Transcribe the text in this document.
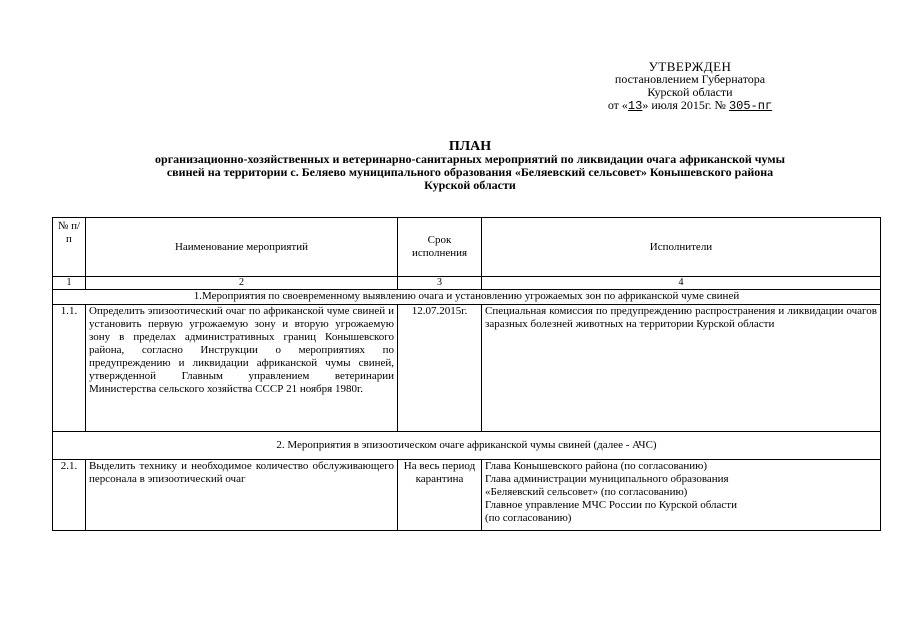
УТВЕРЖДЕН
постановлением Губернатора
Курской области
от «13» июля 2015г. № 305-пг
ПЛАН
организационно-хозяйственных и ветеринарно-санитарных мероприятий по ликвидации очага африканской чумы
свиней на территории с. Беляево муниципального образования «Беляевский сельсовет» Конышевского района
Курской области
№ п/п	Наименование мероприятий	Срок исполнения	Исполнители
1	2	3	4
1.Мероприятия по своевременному выявлению очага и установлению угрожаемых зон по африканской чуме свиней			
1.1.	Определить эпизоотический очаг по африканской чуме свиней и установить первую угрожаемую зону и вторую угрожаемую зону в пределах административных границ Конышевского района, согласно Инструкции о мероприятиях по предупреждению и ликвидации африканской чумы свиней, утвержденной Главным управлением ветеринарии Министерства сельского хозяйства СССР 21 ноября 1980г.	12.07.2015г.	Специальная комиссия по предупреждению распространения и ликвидации очагов заразных болезней животных на территории Курской области
2. Мероприятия в эпизоотическом очаге африканской чумы свиней (далее - АЧС)			
2.1.	Выделить технику и необходимое количество обслуживающего персонала в эпизоотический очаг	На весь период карантина	Глава Конышевского района (по согласованию)
Глава администрации муниципального образования
«Беляевский сельсовет» (по согласованию)
Главное управление МЧС России по Курской области
(по согласованию)
